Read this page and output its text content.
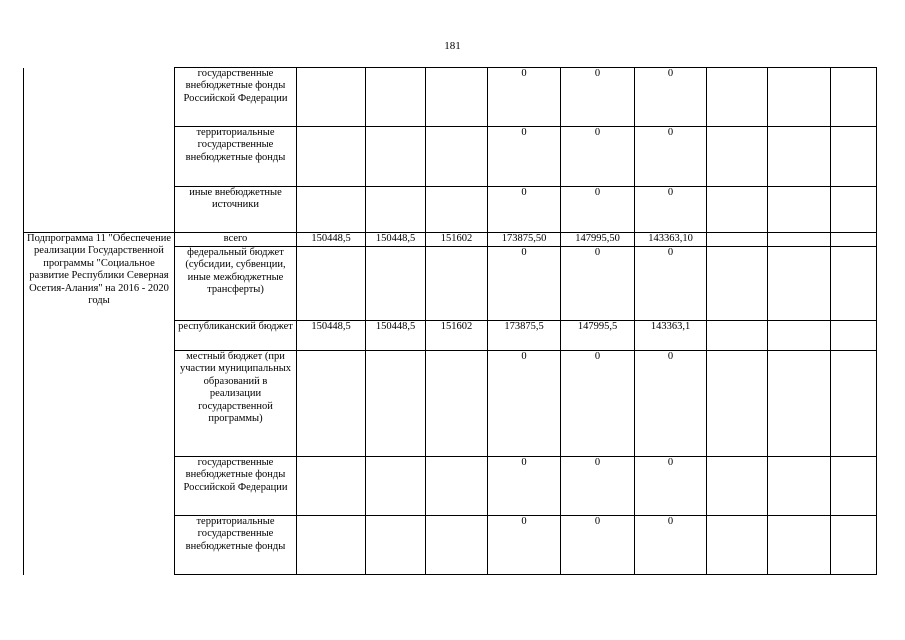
181
	государственные внебюджетные фонды Российской Федерации				0	0	0			
	территориальные государственные внебюджетные фонды				0	0	0			
	иные внебюджетные источники				0	0	0			
Подпрограмма 11 "Обеспечение реализации Государственной программы "Социальное развитие Республики Северная Осетия-Алания" на 2016 - 2020 годы	всего	150448,5	150448,5	151602	173875,50	147995,50	143363,10			
	федеральный бюджет (субсидии, субвенции, иные межбюджетные трансферты)				0	0	0			
	республиканский бюджет	150448,5	150448,5	151602	173875,5	147995,5	143363,1			
	местный бюджет (при участии муниципальных образований в реализации государственной программы)				0	0	0			
	государственные внебюджетные фонды Российской Федерации				0	0	0			
	территориальные государственные внебюджетные фонды				0	0	0			
